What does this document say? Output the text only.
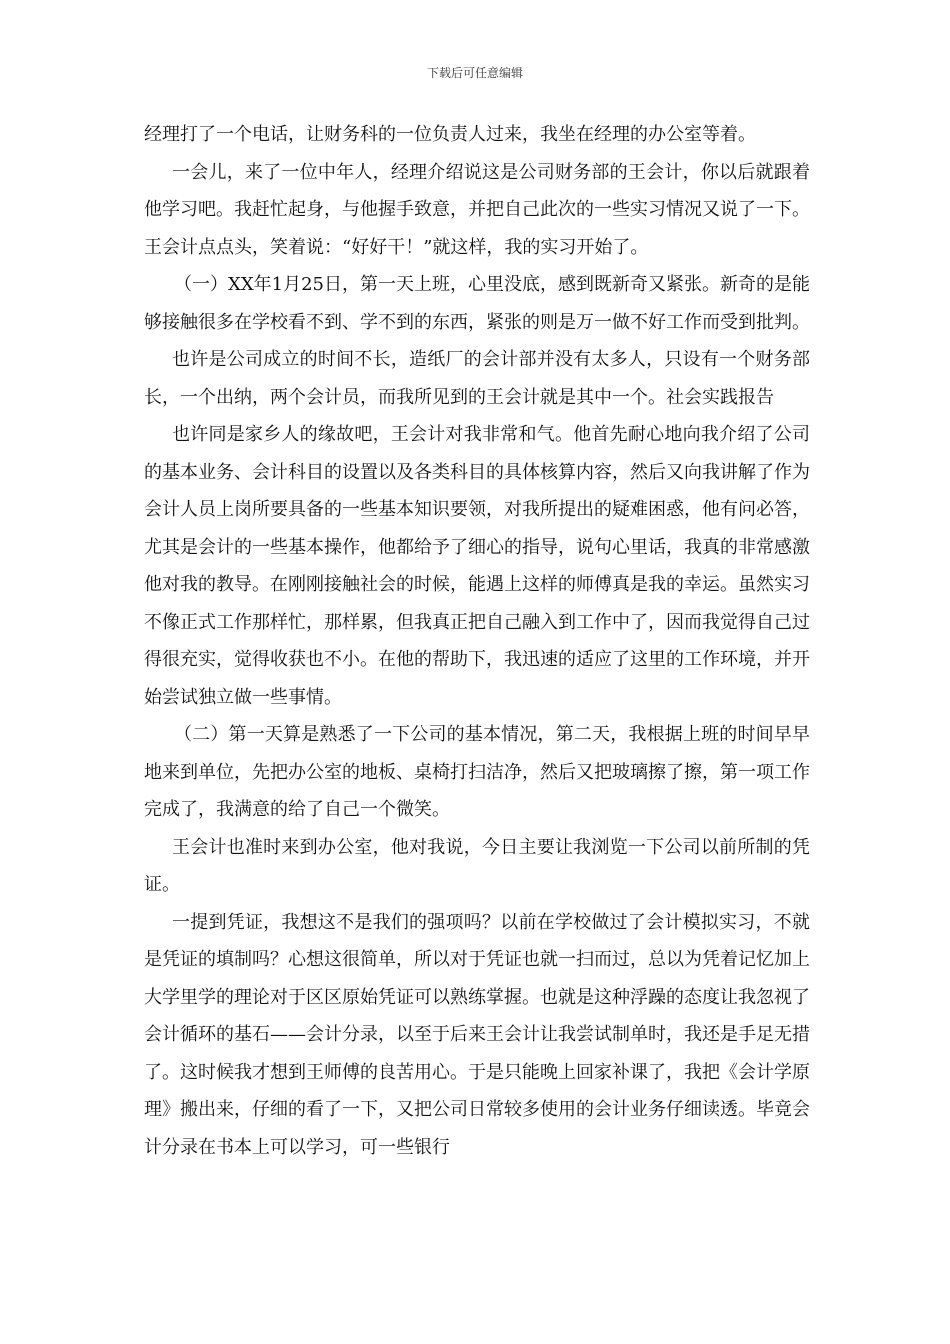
下载后可任意编辑

经理打了一个电话，让财务科的一位负责人过来，我坐在经理的办公室等着。

一会儿，来了一位中年人，经理介绍说这是公司财务部的王会计，你以后就跟着他学习吧。我赶忙起身，与他握手致意，并把自己此次的一些实习情况又说了一下。王会计点点头，笑着说：“好好干！”就这样，我的实习开始了。

（一）XX年1月25日，第一天上班，心里没底，感到既新奇又紧张。新奇的是能够接触很多在学校看不到、学不到的东西，紧张的则是万一做不好工作而受到批判。

也许是公司成立的时间不长，造纸厂的会计部并没有太多人，只设有一个财务部长，一个出纳，两个会计员，而我所见到的王会计就是其中一个。社会实践报告

也许同是家乡人的缘故吧，王会计对我非常和气。他首先耐心地向我介绍了公司的基本业务、会计科目的设置以及各类科目的具体核算内容，然后又向我讲解了作为会计人员上岗所要具备的一些基本知识要领，对我所提出的疑难困惑，他有问必答，尤其是会计的一些基本操作，他都给予了细心的指导，说句心里话，我真的非常感激他对我的教导。在刚刚接触社会的时候，能遇上这样的师傅真是我的幸运。虽然实习不像正式工作那样忙，那样累，但我真正把自己融入到工作中了，因而我觉得自己过得很充实，觉得收获也不小。在他的帮助下，我迅速的适应了这里的工作环境，并开始尝试独立做一些事情。

（二）第一天算是熟悉了一下公司的基本情况，第二天，我根据上班的时间早早地来到单位，先把办公室的地板、桌椅打扫洁净，然后又把玻璃擦了擦，第一项工作完成了，我满意的给了自己一个微笑。

王会计也准时来到办公室，他对我说，今日主要让我浏览一下公司以前所制的凭证。

一提到凭证，我想这不是我们的强项吗？以前在学校做过了会计模拟实习，不就是凭证的填制吗？心想这很简单，所以对于凭证也就一扫而过，总以为凭着记忆加上大学里学的理论对于区区原始凭证可以熟练掌握。也就是这种浮躁的态度让我忽视了会计循环的基石——会计分录，以至于后来王会计让我尝试制单时，我还是手足无措了。这时候我才想到王师傅的良苦用心。于是只能晚上回家补课了，我把《会计学原理》搬出来，仔细的看了一下，又把公司日常较多使用的会计业务仔细读透。毕竟会计分录在书本上可以学习，可一些银行
